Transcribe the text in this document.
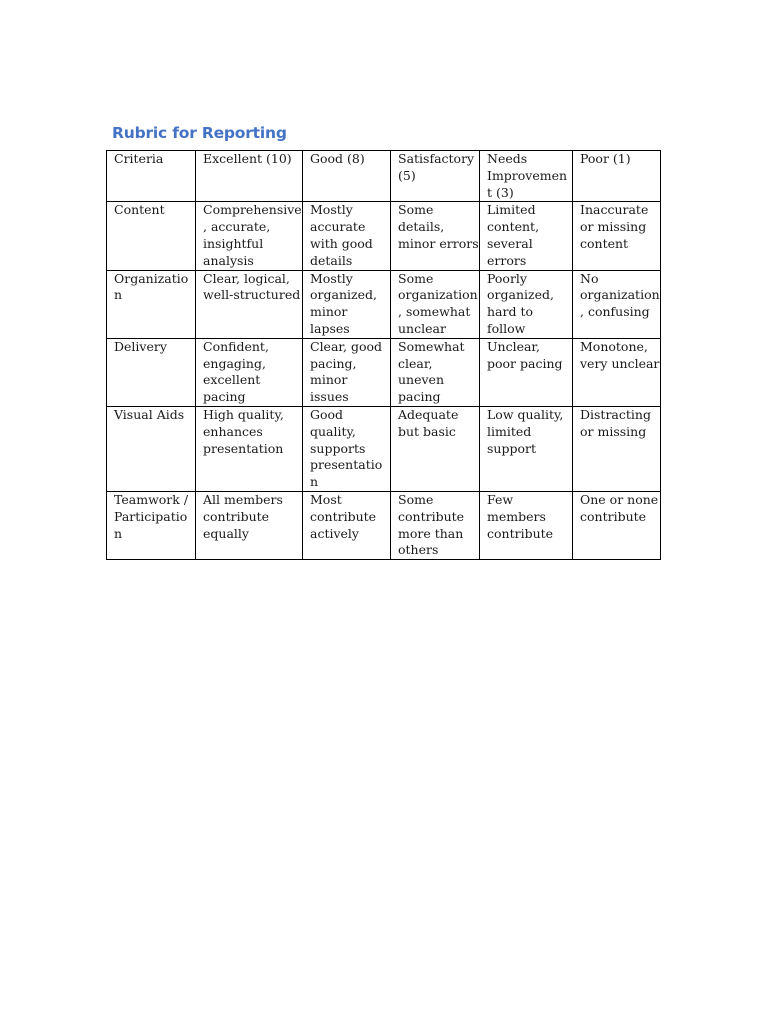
Rubric for Reporting
Criteria	Excellent (10)	Good (8)	Satisfactory (5)	Needs Improvement (3)	Poor (1)

Content	Comprehensive, accurate, insightful analysis	Mostly accurate with good details	Some details, minor errors	Limited content, several errors	Inaccurate or missing content

Organization	Clear, logical, well-structured	Mostly organized, minor lapses	Some organization, somewhat unclear	Poorly organized, hard to follow	No organization, confusing

Delivery	Confident, engaging, excellent pacing	Clear, good pacing, minor issues	Somewhat clear, uneven pacing	Unclear, poor pacing	Monotone, very unclear

Visual Aids	High quality, enhances presentation	Good quality, supports presentation	Adequate but basic	Low quality, limited support	Distracting or missing

Teamwork / Participation	All members contribute equally	Most contribute actively	Some contribute more than others	Few members contribute	One or none contribute
